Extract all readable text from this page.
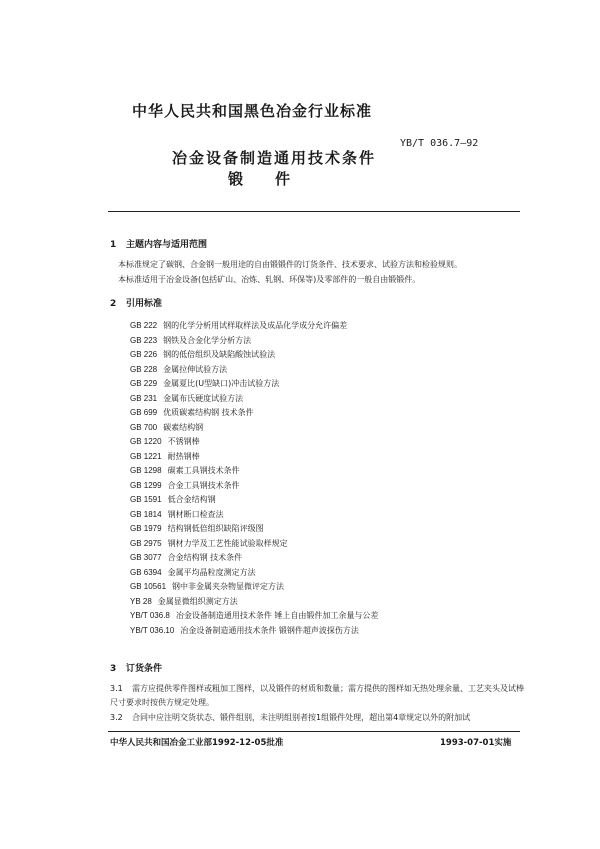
中华人民共和国黑色冶金行业标准
YB/T 036.7—92
冶金设备制造通用技术条件
锻件
1 主题内容与适用范围
本标准规定了碳钢、合金钢一般用途的自由锻锻件的订货条件、技术要求、试验方法和检验规则。
本标准适用于冶金设备(包括矿山、冶炼、轧钢、环保等)及零部件的一般自由锻锻件。
2 引用标准
GB 222 钢的化学分析用试样取样法及成品化学成分允许偏差
GB 223 钢铁及合金化学分析方法
GB 226 钢的低倍组织及缺陷酸蚀试验法
GB 228 金属拉伸试验方法
GB 229 金属夏比(U型缺口)冲击试验方法
GB 231 金属布氏硬度试验方法
GB 699 优质碳素结构钢 技术条件
GB 700 碳素结构钢
GB 1220 不锈钢棒
GB 1221 耐热钢棒
GB 1298 碳素工具钢技术条件
GB 1299 合金工具钢技术条件
GB 1591 低合金结构钢
GB 1814 钢材断口检查法
GB 1979 结构钢低倍组织缺陷评级图
GB 2975 钢材力学及工艺性能试验取样规定
GB 3077 合金结构钢 技术条件
GB 6394 金属平均晶粒度测定方法
GB 10561 钢中非金属夹杂物显微评定方法
YB 28 金属显微组织测定方法
YB/T 036.8 冶金设备制造通用技术条件 锤上自由锻件加工余量与公差
YB/T 036.10 冶金设备制造通用技术条件 锻钢件超声波探伤方法
3 订货条件
3.1 需方应提供零件图样或粗加工图样，以及锻件的材质和数量；需方提供的图样如无热处理余量、工艺夹头及试棒尺寸要求时按供方规定处理。
3.2 合同中应注明交货状态、锻件组别，未注明组别者按1组锻件处理，超出第4章规定以外的附加试
中华人民共和国冶金工业部1992-12-05批准	1993-07-01实施
